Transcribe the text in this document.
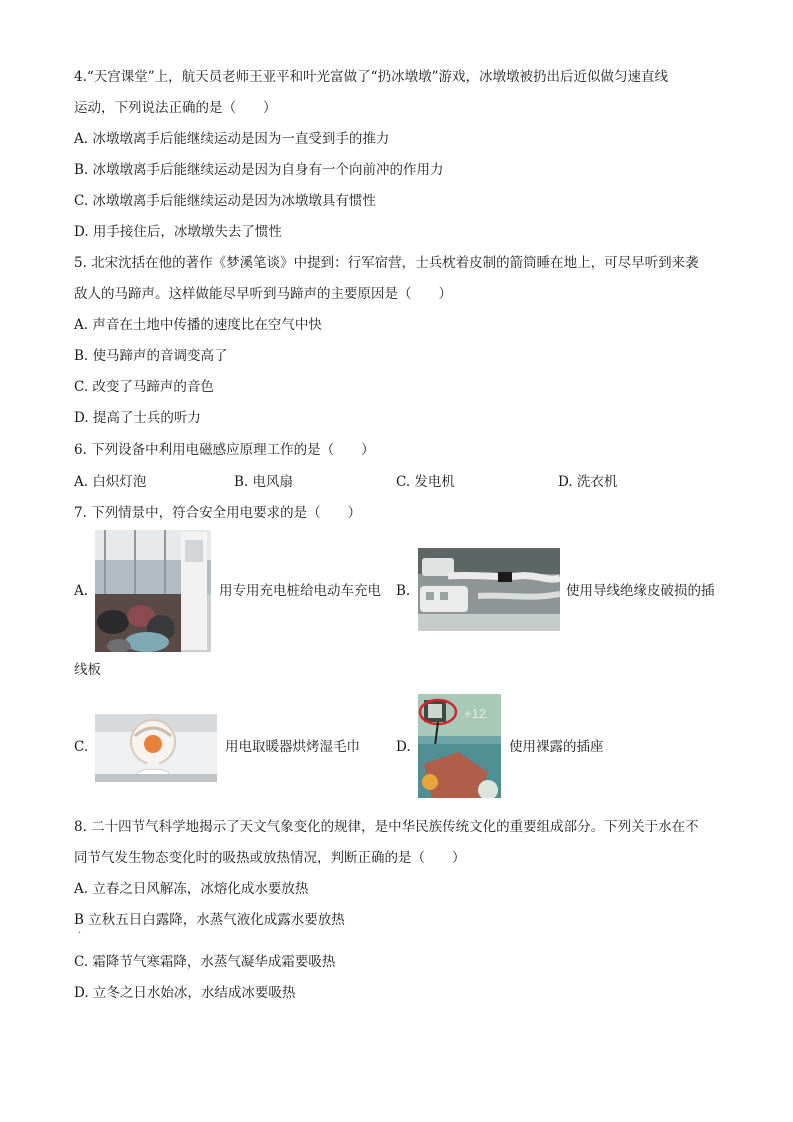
4.“天宫课堂”上，航天员老师王亚平和叶光富做了“扔冰墩墩”游戏，冰墩墩被扔出后近似做匀速直线
运动，下列说法正确的是（　　）
A. 冰墩墩离手后能继续运动是因为一直受到手的推力
B. 冰墩墩离手后能继续运动是因为自身有一个向前冲的作用力
C. 冰墩墩离手后能继续运动是因为冰墩墩具有惯性
D. 用手接住后，冰墩墩失去了惯性
5. 北宋沈括在他的著作《梦溪笔谈》中提到：行军宿营，士兵枕着皮制的箭筒睡在地上，可尽早听到来袭
敌人的马蹄声。这样做能尽早听到马蹄声的主要原因是（　　）
A. 声音在土地中传播的速度比在空气中快
B. 使马蹄声的音调变高了
C. 改变了马蹄声的音色
D. 提高了士兵的听力
6. 下列设备中利用电磁感应原理工作的是（　　）
A. 白炽灯泡	B. 电风扇	C. 发电机	D. 洗衣机
7. 下列情景中，符合安全用电要求的是（　　）
A.	用专用充电桩给电动车充电 B.	使用导线绝缘皮破损的插
线板
C.	用电取暖器烘烤湿毛巾	D.
+12
使用裸露的插座
8. 二十四节气科学地揭示了天文气象变化的规律，是中华民族传统文化的重要组成部分。下列关于水在不
同节气发生物态变化时的吸热或放热情况，判断正确的是（　　）
A. 立春之日风解冻，冰熔化成水要放热
B 立秋五日白露降，水蒸气液化成露水要放热
·
C. 霜降节气寒霜降，水蒸气凝华成霜要吸热
D. 立冬之日水始冰，水结成冰要吸热
